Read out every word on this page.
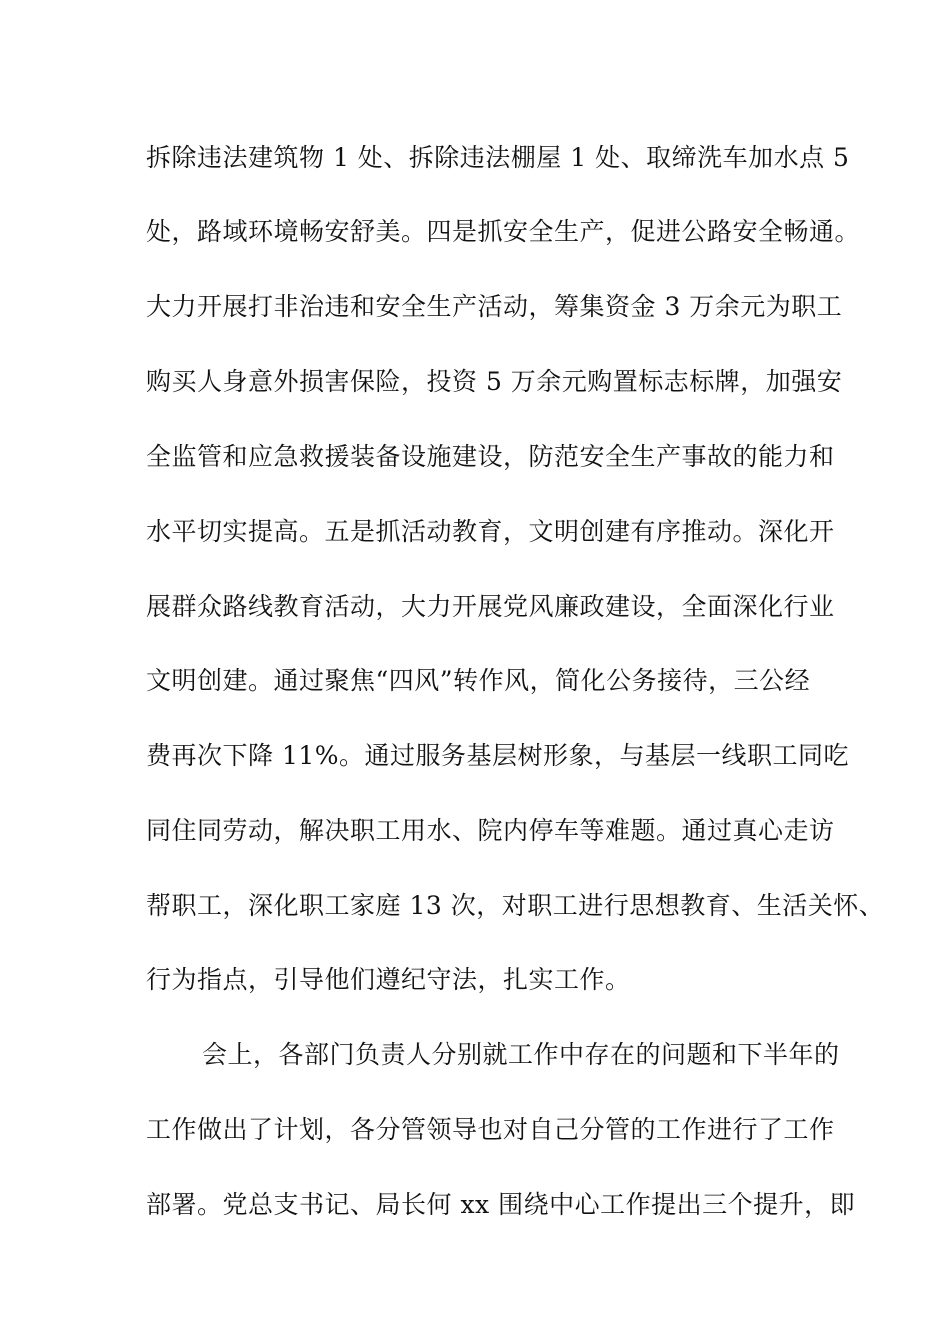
拆除违法建筑物 1 处、拆除违法棚屋 1 处、取缔洗车加水点 5
处，路域环境畅安舒美。四是抓安全生产，促进公路安全畅通。
大力开展打非治违和安全生产活动，筹集资金 3 万余元为职工
购买人身意外损害保险，投资 5 万余元购置标志标牌，加强安
全监管和应急救援装备设施建设，防范安全生产事故的能力和
水平切实提高。五是抓活动教育，文明创建有序推动。深化开
展群众路线教育活动，大力开展党风廉政建设，全面深化行业
文明创建。通过聚焦“四风”转作风，简化公务接待，三公经
费再次下降 11%。通过服务基层树形象，与基层一线职工同吃
同住同劳动，解决职工用水、院内停车等难题。通过真心走访
帮职工，深化职工家庭 13 次，对职工进行思想教育、生活关怀、
行为指点，引导他们遵纪守法，扎实工作。
会上，各部门负责人分别就工作中存在的问题和下半年的
工作做出了计划，各分管领导也对自己分管的工作进行了工作
部署。党总支书记、局长何 xx 围绕中心工作提出三个提升，即
